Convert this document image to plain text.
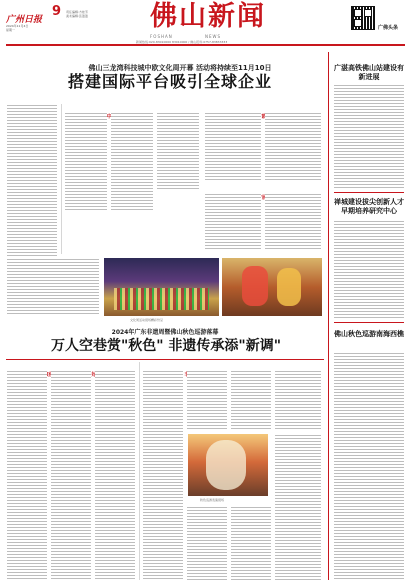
广州日报
9
2024年11月4日
星期一
责任编辑:方桂芳
美术编辑:张盈盈	佛山新闻
FOSHAN	NEWS
广佛头条
新闻热线:020-83010000 83010000 / 佛山报料:0757-83833333
佛山三龙湾科技城中欧文化周开幕 活动将持续至11月10日
搭建国际平台吸引全球企业
文化周活动现场精彩纷呈
2024年广东非遗周暨佛山秋色巡游落幕
万人空巷赏"秋色" 非遗传承添"新调"
秋色巡游表演现场
广湛高铁佛山站建设有新进展
禅城建设拔尖创新人才早期培养研究中心
佛山秋色巡游南海西樵
